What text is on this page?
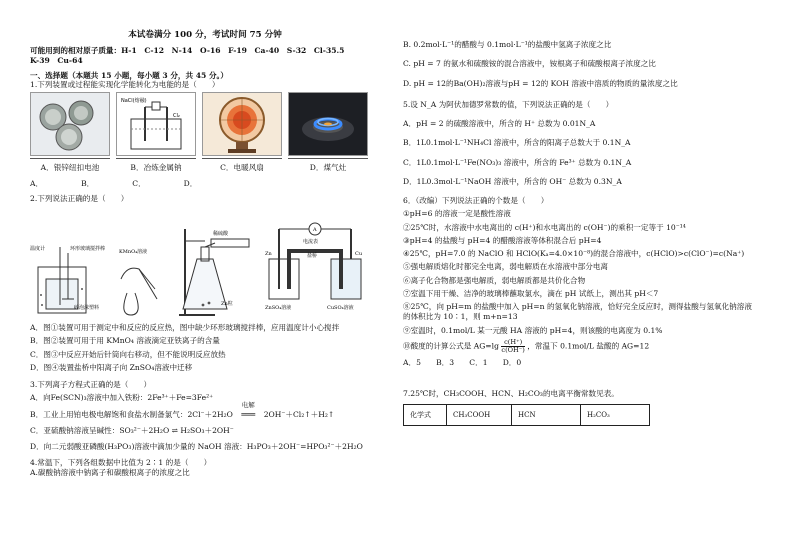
本试卷满分 100 分，考试时间 75 分钟
可能用到的相对原子质量：H-1　C-12　N-14　O-16　F-19　Ca-40　S-32　Cl-35.5
K-39　Cu-64
一、选择题（本题共 15 小题，每小题 3 分，共 45 分。）
1.下列装置或过程能实现化学能转化为电能的是（　　）
NaCl(熔融)
Cl₂
A．银锌纽扣电池	B．冶炼金属钠	C．电暖风扇	D．煤气灶
A．	B．	C．	D．
2.下列说法正确的是（　　）
温度计	环形玻璃搅拌棒
碎泡沫塑料
KMnO₄溶液
稀硫酸
Zn粒
A
电流表
Zn	Cu
盐桥
ZnSO₄溶液	CuSO₄溶液
A．图①装置可用于测定中和反应的反应热，图中缺少环形玻璃搅拌棒，应用温度计小心搅拌
B．图②装置可用于用 KMnO₄ 溶液滴定亚铁离子的含量
C．图③中反应开始后针筒向右移动，但不能说明反应放热
D．图④装置盐桥中阳离子向 ZnSO₄溶液中迁移
3.下列离子方程式正确的是（　　）
A．向Fe(SCN)₃溶液中加入铁粉：2Fe³⁺＋Fe=3Fe²⁺
B．工业上用铂电极电解饱和食盐水制备氯气：2Cl⁻＋2H₂O
电解
═══ 2OH⁻＋Cl₂↑＋H₂↑
C．亚硫酸钠溶液呈碱性：SO₃²⁻＋2H₂O ⇌ H₂SO₃＋2OH⁻
D．向二元弱酸亚磷酸(H₃PO₃)溶液中滴加少量的 NaOH 溶液：H₃PO₃＋2OH⁻=HPO₃²⁻＋2H₂O
4.常温下，下列各组数据中比值为 2∶1 的是（　　）
A.碳酸钠溶液中钠离子和碳酸根离子的浓度之比
B. 0.2mol·L⁻¹的醋酸与 0.1mol·L⁻¹的盐酸中氢离子浓度之比
C. pH = 7 的氨水和硫酸铵的混合溶液中，铵根离子和硫酸根离子浓度之比
D. pH = 12的Ba(OH)₂溶液与pH = 12的 KOH 溶液中溶质的物质的量浓度之比
5.设 N_A 为阿伏加德罗常数的值，下列说法正确的是（　　）
A．pH = 2 的硫酸溶液中，所含的 H⁺ 总数为 0.01N_A
B．1L0.1mol·L⁻¹NH₄Cl 溶液中，所含的阳离子总数大于 0.1N_A
C．1L0.1mol·L⁻¹Fe(NO₃)₃ 溶液中，所含的 Fe³⁺ 总数为 0.1N_A
D．1L0.3mol·L⁻¹NaOH 溶液中，所含的 OH⁻ 总数为 0.3N_A
6．（改编）下列说法正确的个数是（　　）
①pH=6 的溶液一定是酸性溶液
②25℃时，水溶液中水电离出的 c(H⁺)和水电离出的 c(OH⁻)的乘积一定等于 10⁻¹⁴
③pH=4 的盐酸与 pH=4 的醋酸溶液等体积混合后 pH=4
④25℃，pH=7.0 的 NaClO 和 HClO(Kₐ=4.0×10⁻⁸)的混合溶液中，c(HClO)>c(ClO⁻)=c(Na⁺)
⑤强电解质熔化时都完全电离，弱电解质在水溶液中部分电离
⑥离子化合物都是强电解质，弱电解质都是共价化合物
⑦室温下用干燥、洁净的玻璃棒蘸取氯水，滴在 pH 试纸上，测出其 pH＜7
⑧25℃，向 pH=m 的盐酸中加入 pH=n 的氢氧化钠溶液，恰好完全反应时，测得盐酸与氢氧化钠溶液
的体积比为 10∶1，则 m+n=13
⑨室温时，0.1mol/L 某一元酸 HA 溶液的 pH=4，则该酸的电离度为 0.1%
⑩酸度的计算公式是 $AG=\lg \frac{c(H^+)}{c(OH^-)}$ ，常温下 0.1mol/L 盐酸的 AG=12
A．5　　B．3　　C．1　　D．0
7.25℃时，CH₃COOH、HCN、H₂CO₃的电离平衡常数见表。
化学式	CH₃COOH	HCN	H₂CO₃
